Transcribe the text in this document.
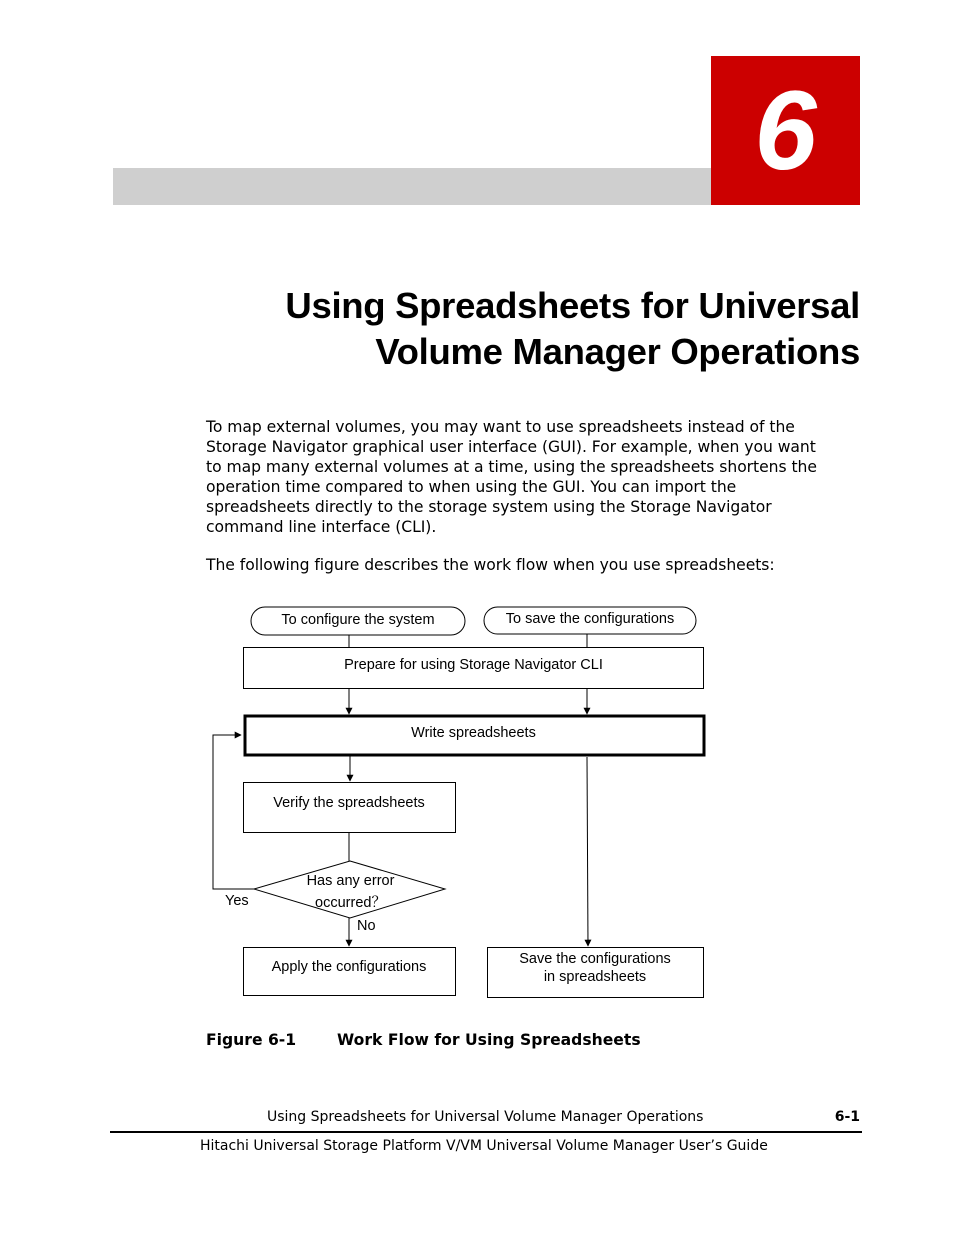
6
Using Spreadsheets for Universal
Volume Manager Operations
To map external volumes, you may want to use spreadsheets instead of the
Storage Navigator graphical user interface (GUI). For example, when you want
to map many external volumes at a time, using the spreadsheets shortens the
operation time compared to when using the GUI. You can import the
spreadsheets directly to the storage system using the Storage Navigator
command line interface (CLI).
The following figure describes the work flow when you use spreadsheets:
To configure the system	To save the configurations
Prepare for using Storage Navigator CLI
Write spreadsheets
Verify the spreadsheets
Has any error
occurred？
Yes
No
Apply the configurations	Save the configurations
in spreadsheets
Figure 6-1	Work Flow for Using Spreadsheets
Using Spreadsheets for Universal Volume Manager Operations	6-1
Hitachi Universal Storage Platform V/VM Universal Volume Manager User’s Guide
